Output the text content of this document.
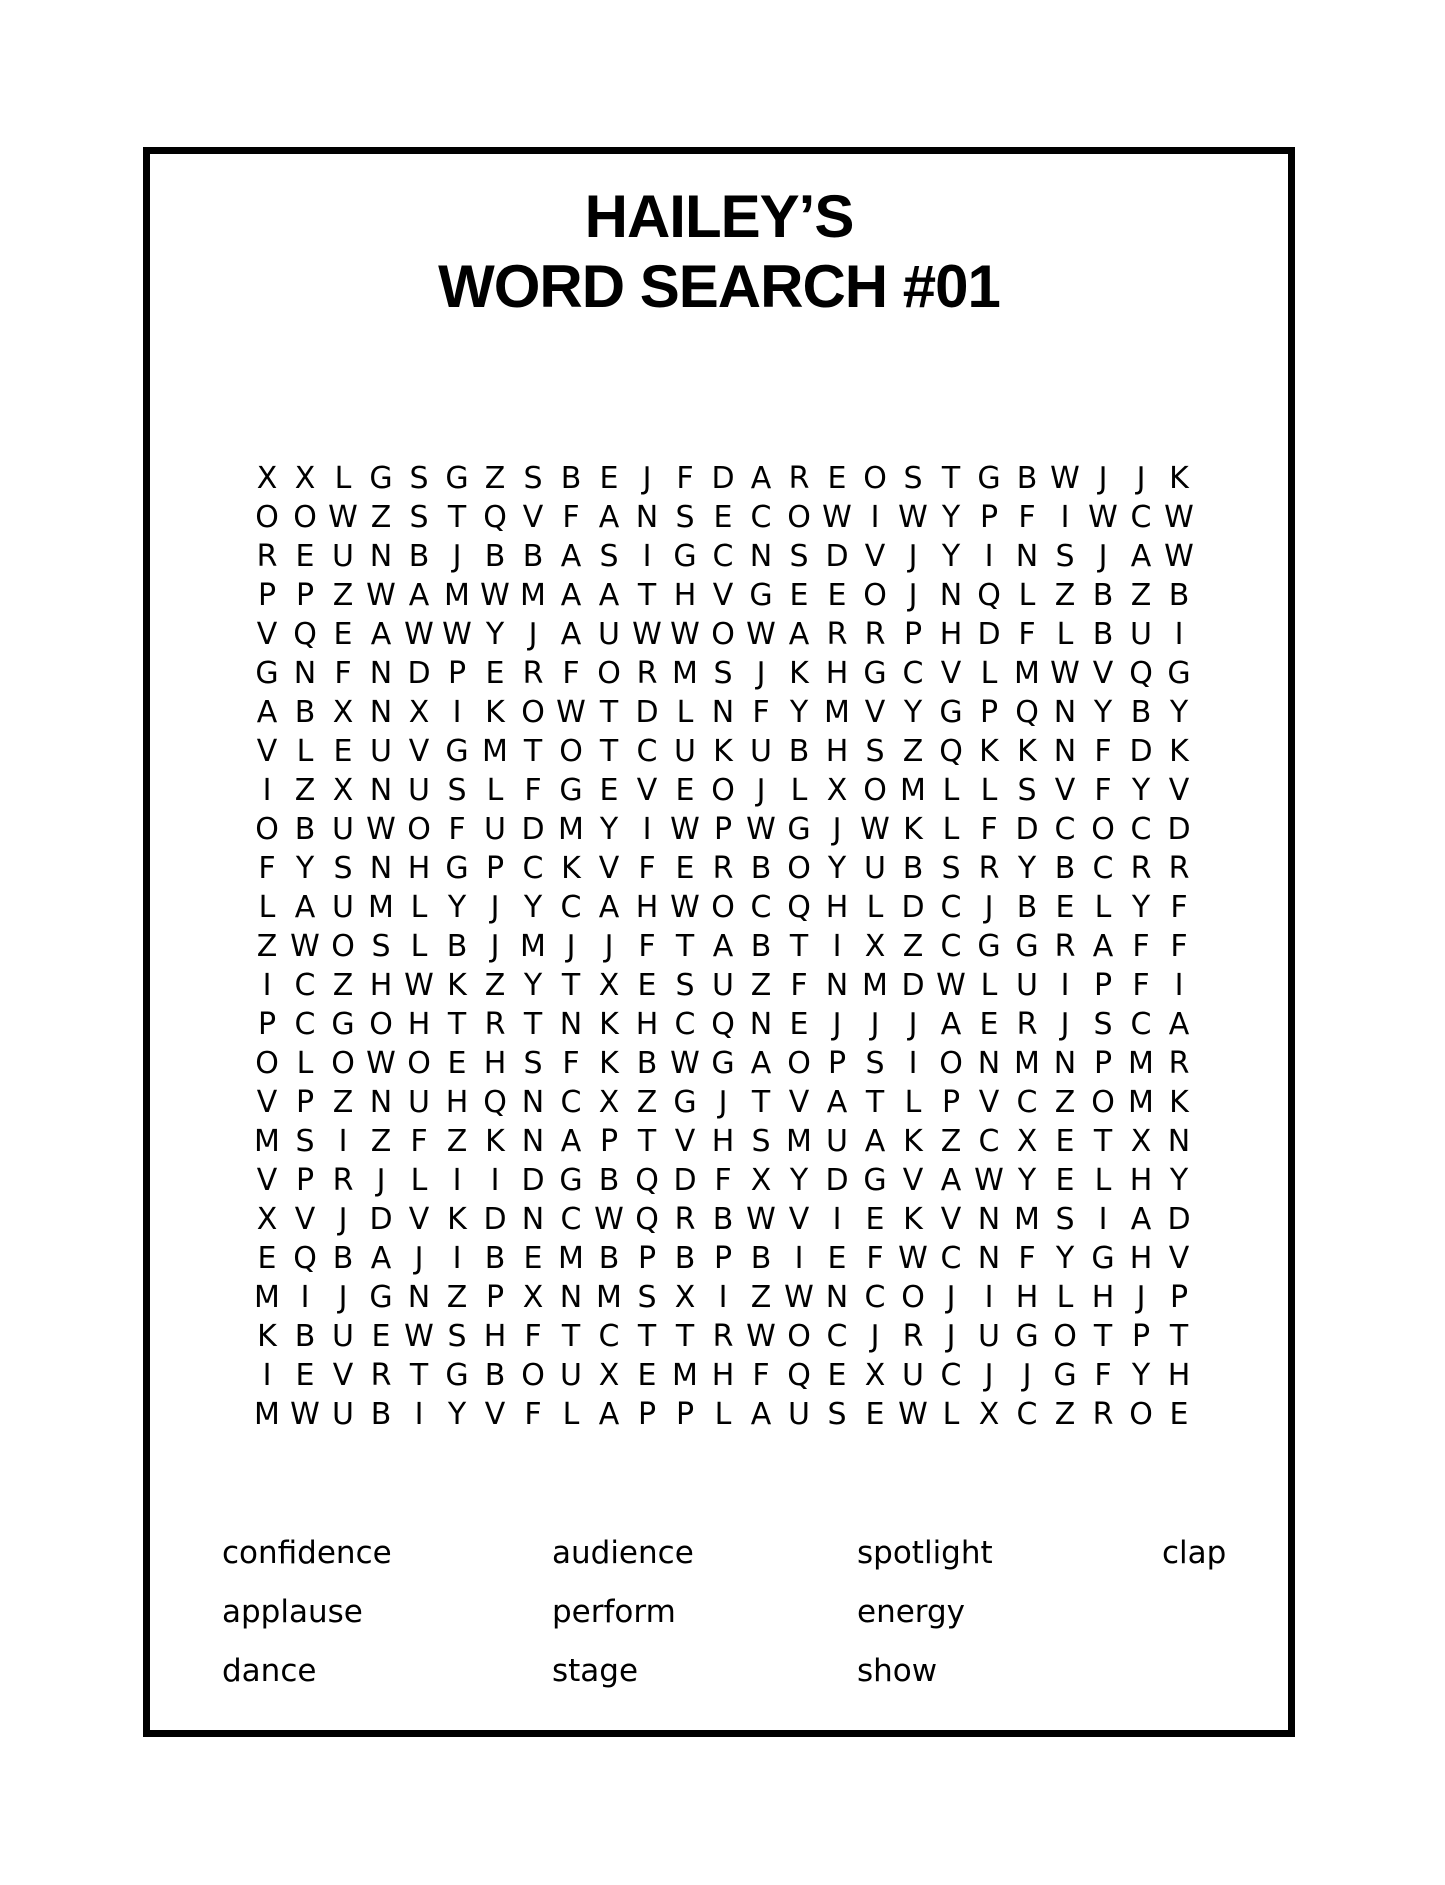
HAILEY’S
WORD SEARCH #01
X X L G S G Z S B E J F D A R E O S T G B W J J K
O O W Z S T Q V F A N S E C O W I W Y P F I W C W
R E U N B J B B A S I G C N S D V J Y I N S J A W
P P Z W A M W M A A T H V G E E O J N Q L Z B Z B
V Q E A W W Y J A U W W O W A R R P H D F L B U I
G N F N D P E R F O R M S J K H G C V L M W V Q G
A B X N X I K O W T D L N F Y M V Y G P Q N Y B Y
V L E U V G M T O T C U K U B H S Z Q K K N F D K
I Z X N U S L F G E V E O J L X O M L L S V F Y V
O B U W O F U D M Y I W P W G J W K L F D C O C D
F Y S N H G P C K V F E R B O Y U B S R Y B C R R
L A U M L Y J Y C A H W O C Q H L D C J B E L Y F
Z W O S L B J M J J F T A B T I X Z C G G R A F F
I C Z H W K Z Y T X E S U Z F N M D W L U I P F I
P C G O H T R T N K H C Q N E J J J A E R J S C A
O L O W O E H S F K B W G A O P S I O N M N P M R
V P Z N U H Q N C X Z G J T V A T L P V C Z O M K
M S I Z F Z K N A P T V H S M U A K Z C X E T X N
V P R J L I I D G B Q D F X Y D G V A W Y E L H Y
X V J D V K D N C W Q R B W V I E K V N M S I A D
E Q B A J I B E M B P B P B I E F W C N F Y G H V
M I J G N Z P X N M S X I Z W N C O J I H L H J P
K B U E W S H F T C T T R W O C J R J U G O T P T
I E V R T G B O U X E M H F Q E X U C J J G F Y H
M W U B I Y V F L A P P L A U S E W L X C Z R O E
confidence
applause
dance
audience
perform
stage
spotlight
energy
show
clap
